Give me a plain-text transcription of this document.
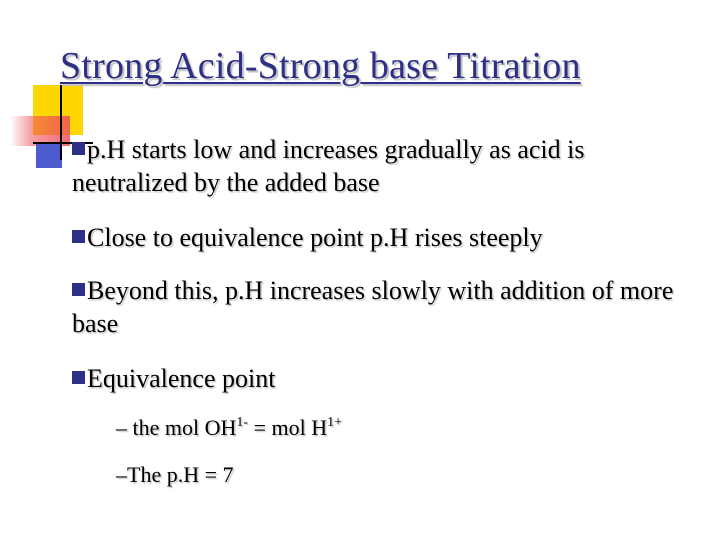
Strong Acid-Strong base Titration
p.H starts low and increases gradually as acid is neutralized by the added base
Close to equivalence point p.H rises steeply
Beyond this, p.H increases slowly with addition of more base
Equivalence point
– the mol $OH^{1-}$ = mol $H^{1+}$
–The p.H = 7
